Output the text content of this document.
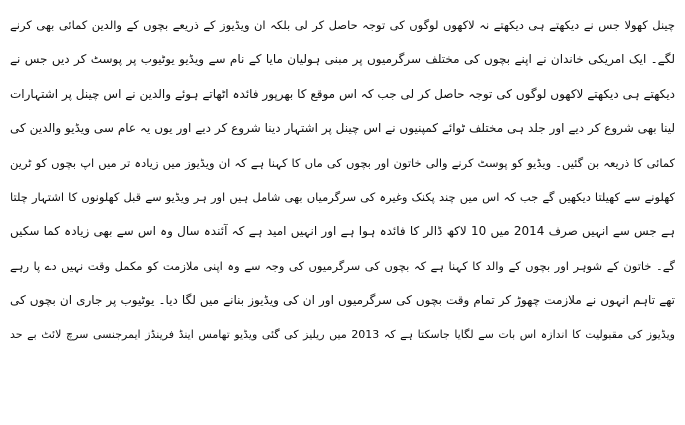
چینل کھولا جس نے دیکھتے ہی دیکھتے نہ لاکھوں لوگوں کی توجہ حاصل کر لی بلکہ ان ویڈیوز کے ذریعے بچوں کے والدین کمائی بھی کرنے
لگے۔ ایک امریکی خاندان نے اپنے بچوں کی مختلف سرگرمیوں پر مبنی ہولیان مایا کے نام سے ویڈیو یوٹیوب پر پوسٹ کر دیں جس نے
دیکھتے ہی دیکھتے لاکھوں لوگوں کی توجہ حاصل کر لی جب کہ اس موقع کا بھرپور فائدہ اٹھاتے ہوئے والدین نے اس چینل پر اشتہارات
لینا بھی شروع کر دیے اور جلد ہی مختلف ٹوائے کمپنیوں نے اس چینل پر اشتہار دینا شروع کر دیے اور یوں یہ عام سی ویڈیو والدین کی
کمائی کا ذریعہ بن گئیں۔ ویڈیو کو پوسٹ کرنے والی خاتون اور بچوں کی ماں کا کہنا ہے کہ ان ویڈیوز میں زیادہ تر میں اپ بچوں کو ٹرین
کھلونے سے کھیلتا دیکھیں گے جب کہ اس میں چند پکنک وغیرہ کی سرگرمیاں بھی شامل ہیں اور ہر ویڈیو سے قبل کھلونوں کا اشتہار چلتا
ہے جس سے انہیں صرف 2014 میں 10 لاکھ ڈالر کا فائدہ ہوا ہے اور انہیں امید ہے کہ آئندہ سال وہ اس سے بھی زیادہ کما سکیں
گے۔ خاتون کے شوہر اور بچوں کے والد کا کہنا ہے کہ بچوں کی سرگرمیوں کی وجہ سے وہ اپنی ملازمت کو مکمل وقت نہیں دے پا رہے
تھے تاہم انہوں نے ملازمت چھوڑ کر تمام وقت بچوں کی سرگرمیوں اور ان کی ویڈیوز بنانے میں لگا دیا۔ یوٹیوب پر جاری ان بچوں کی
ویڈیوز کی مقبولیت کا اندازہ اس بات سے لگایا جاسکتا ہے کہ 2013 میں ریلیز کی گئی ویڈیو تھامس اینڈ فرینڈز ایمرجنسی سرچ لائٹ بے حد
